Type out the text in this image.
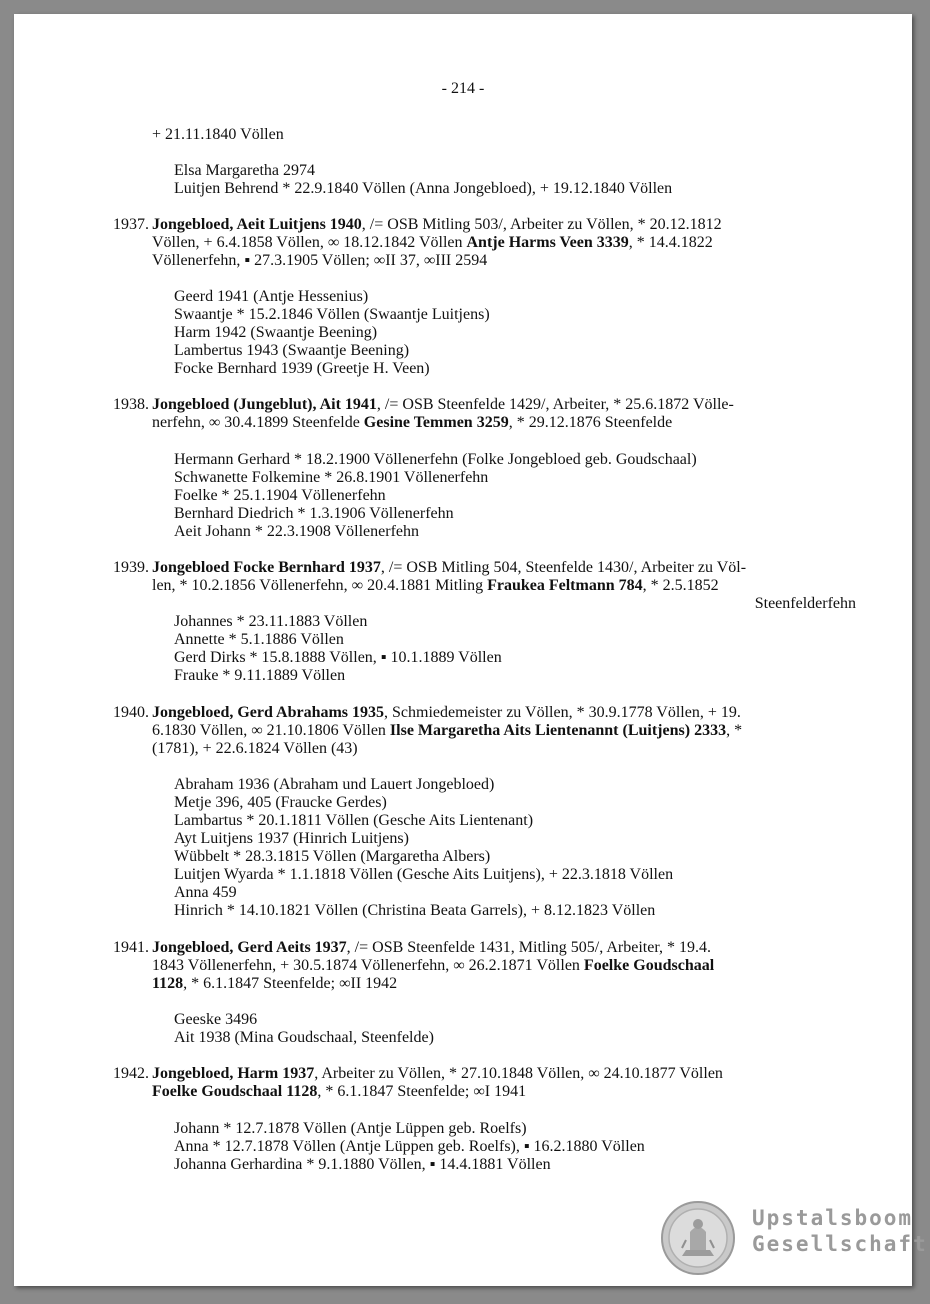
- 214 -
+ 21.11.1840 Völlen
Elsa Margaretha 2974
Luitjen Behrend * 22.9.1840 Völlen (Anna Jongebloed), + 19.12.1840 Völlen
1937. Jongebloed, Aeit Luitjens 1940, /= OSB Mitling 503/, Arbeiter zu Völlen, * 20.12.1812
Völlen, + 6.4.1858 Völlen, ∞ 18.12.1842 Völlen Antje Harms Veen 3339, * 14.4.1822
Völlenerfehn, ▪ 27.3.1905 Völlen; ∞II 37, ∞III 2594
Geerd 1941 (Antje Hessenius)
Swaantje * 15.2.1846 Völlen (Swaantje Luitjens)
Harm 1942 (Swaantje Beening)
Lambertus 1943 (Swaantje Beening)
Focke Bernhard 1939 (Greetje H. Veen)
1938. Jongebloed (Jungeblut), Ait 1941, /= OSB Steenfelde 1429/, Arbeiter, * 25.6.1872 Völle-
nerfehn, ∞ 30.4.1899 Steenfelde Gesine Temmen 3259, * 29.12.1876 Steenfelde
Hermann Gerhard * 18.2.1900 Völlenerfehn (Folke Jongebloed geb. Goudschaal)
Schwanette Folkemine * 26.8.1901 Völlenerfehn
Foelke * 25.1.1904 Völlenerfehn
Bernhard Diedrich * 1.3.1906 Völlenerfehn
Aeit Johann * 22.3.1908 Völlenerfehn
1939. Jongebloed Focke Bernhard 1937, /= OSB Mitling 504, Steenfelde 1430/, Arbeiter zu Völ-
len, * 10.2.1856 Völlenerfehn, ∞ 20.4.1881 Mitling Fraukea Feltmann 784, * 2.5.1852
Steenfelderfehn
Johannes * 23.11.1883 Völlen
Annette * 5.1.1886 Völlen
Gerd Dirks * 15.8.1888 Völlen, ▪ 10.1.1889 Völlen
Frauke * 9.11.1889 Völlen
1940. Jongebloed, Gerd Abrahams 1935, Schmiedemeister zu Völlen, * 30.9.1778 Völlen, + 19.
6.1830 Völlen, ∞ 21.10.1806 Völlen Ilse Margaretha Aits Lientenannt (Luitjens) 2333, *
(1781), + 22.6.1824 Völlen (43)
Abraham 1936 (Abraham und Lauert Jongebloed)
Metje 396, 405 (Fraucke Gerdes)
Lambartus * 20.1.1811 Völlen (Gesche Aits Lientenant)
Ayt Luitjens 1937 (Hinrich Luitjens)
Wübbelt * 28.3.1815 Völlen (Margaretha Albers)
Luitjen Wyarda * 1.1.1818 Völlen (Gesche Aits Luitjens), + 22.3.1818 Völlen
Anna 459
Hinrich * 14.10.1821 Völlen (Christina Beata Garrels), + 8.12.1823 Völlen
1941. Jongebloed, Gerd Aeits 1937, /= OSB Steenfelde 1431, Mitling 505/, Arbeiter, * 19.4.
1843 Völlenerfehn, + 30.5.1874 Völlenerfehn, ∞ 26.2.1871 Völlen Foelke Goudschaal
1128, * 6.1.1847 Steenfelde; ∞II 1942
Geeske 3496
Ait 1938 (Mina Goudschaal, Steenfelde)
1942. Jongebloed, Harm 1937, Arbeiter zu Völlen, * 27.10.1848 Völlen, ∞ 24.10.1877 Völlen
Foelke Goudschaal 1128, * 6.1.1847 Steenfelde; ∞I 1941
Johann * 12.7.1878 Völlen (Antje Lüppen geb. Roelfs)
Anna * 12.7.1878 Völlen (Antje Lüppen geb. Roelfs), ▪ 16.2.1880 Völlen
Johanna Gerhardina * 9.1.1880 Völlen, ▪ 14.4.1881 Völlen
Upstalsboom
Gesellschaft
